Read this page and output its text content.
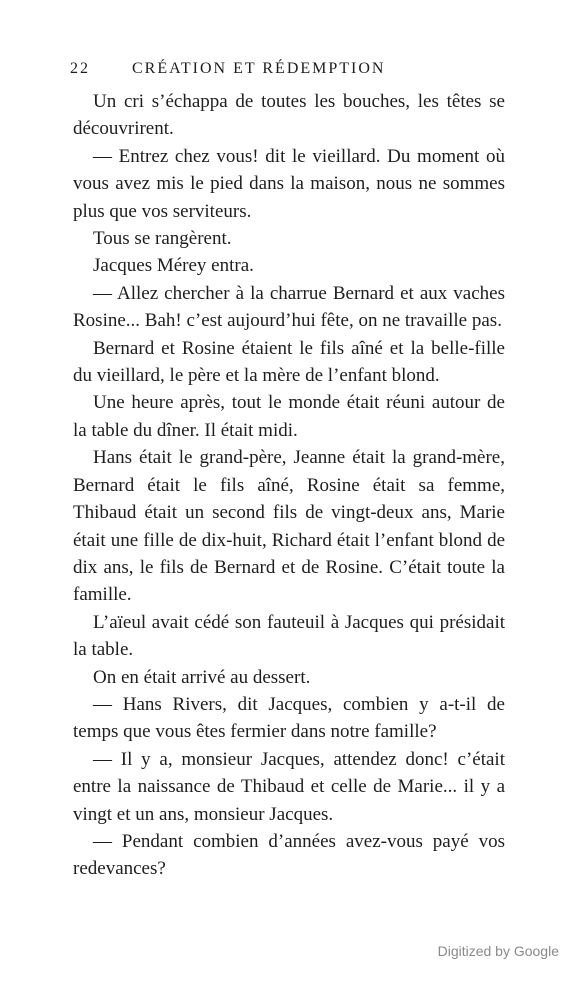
22	CRÉATION ET RÉDEMPTION

Un cri s’échappa de toutes les bouches, les têtes se découvrirent.

— Entrez chez vous! dit le vieillard. Du moment où vous avez mis le pied dans la maison, nous ne sommes plus que vos serviteurs.

Tous se rangèrent.

Jacques Mérey entra.

— Allez chercher à la charrue Bernard et aux vaches Rosine... Bah! c’est aujourd’hui fête, on ne travaille pas.

Bernard et Rosine étaient le fils aîné et la belle-fille du vieillard, le père et la mère de l’enfant blond.

Une heure après, tout le monde était réuni autour de la table du dîner. Il était midi.

Hans était le grand-père, Jeanne était la grand-mère, Bernard était le fils aîné, Rosine était sa femme, Thibaud était un second fils de vingt-deux ans, Marie était une fille de dix-huit, Richard était l’enfant blond de dix ans, le fils de Bernard et de Rosine. C’était toute la famille.

L’aïeul avait cédé son fauteuil à Jacques qui présidait la table.

On en était arrivé au dessert.

— Hans Rivers, dit Jacques, combien y a-t-il de temps que vous êtes fermier dans notre famille?

— Il y a, monsieur Jacques, attendez donc! c’était entre la naissance de Thibaud et celle de Marie... il y a vingt et un ans, monsieur Jacques.

— Pendant combien d’années avez-vous payé vos redevances?

Digitized by Google
